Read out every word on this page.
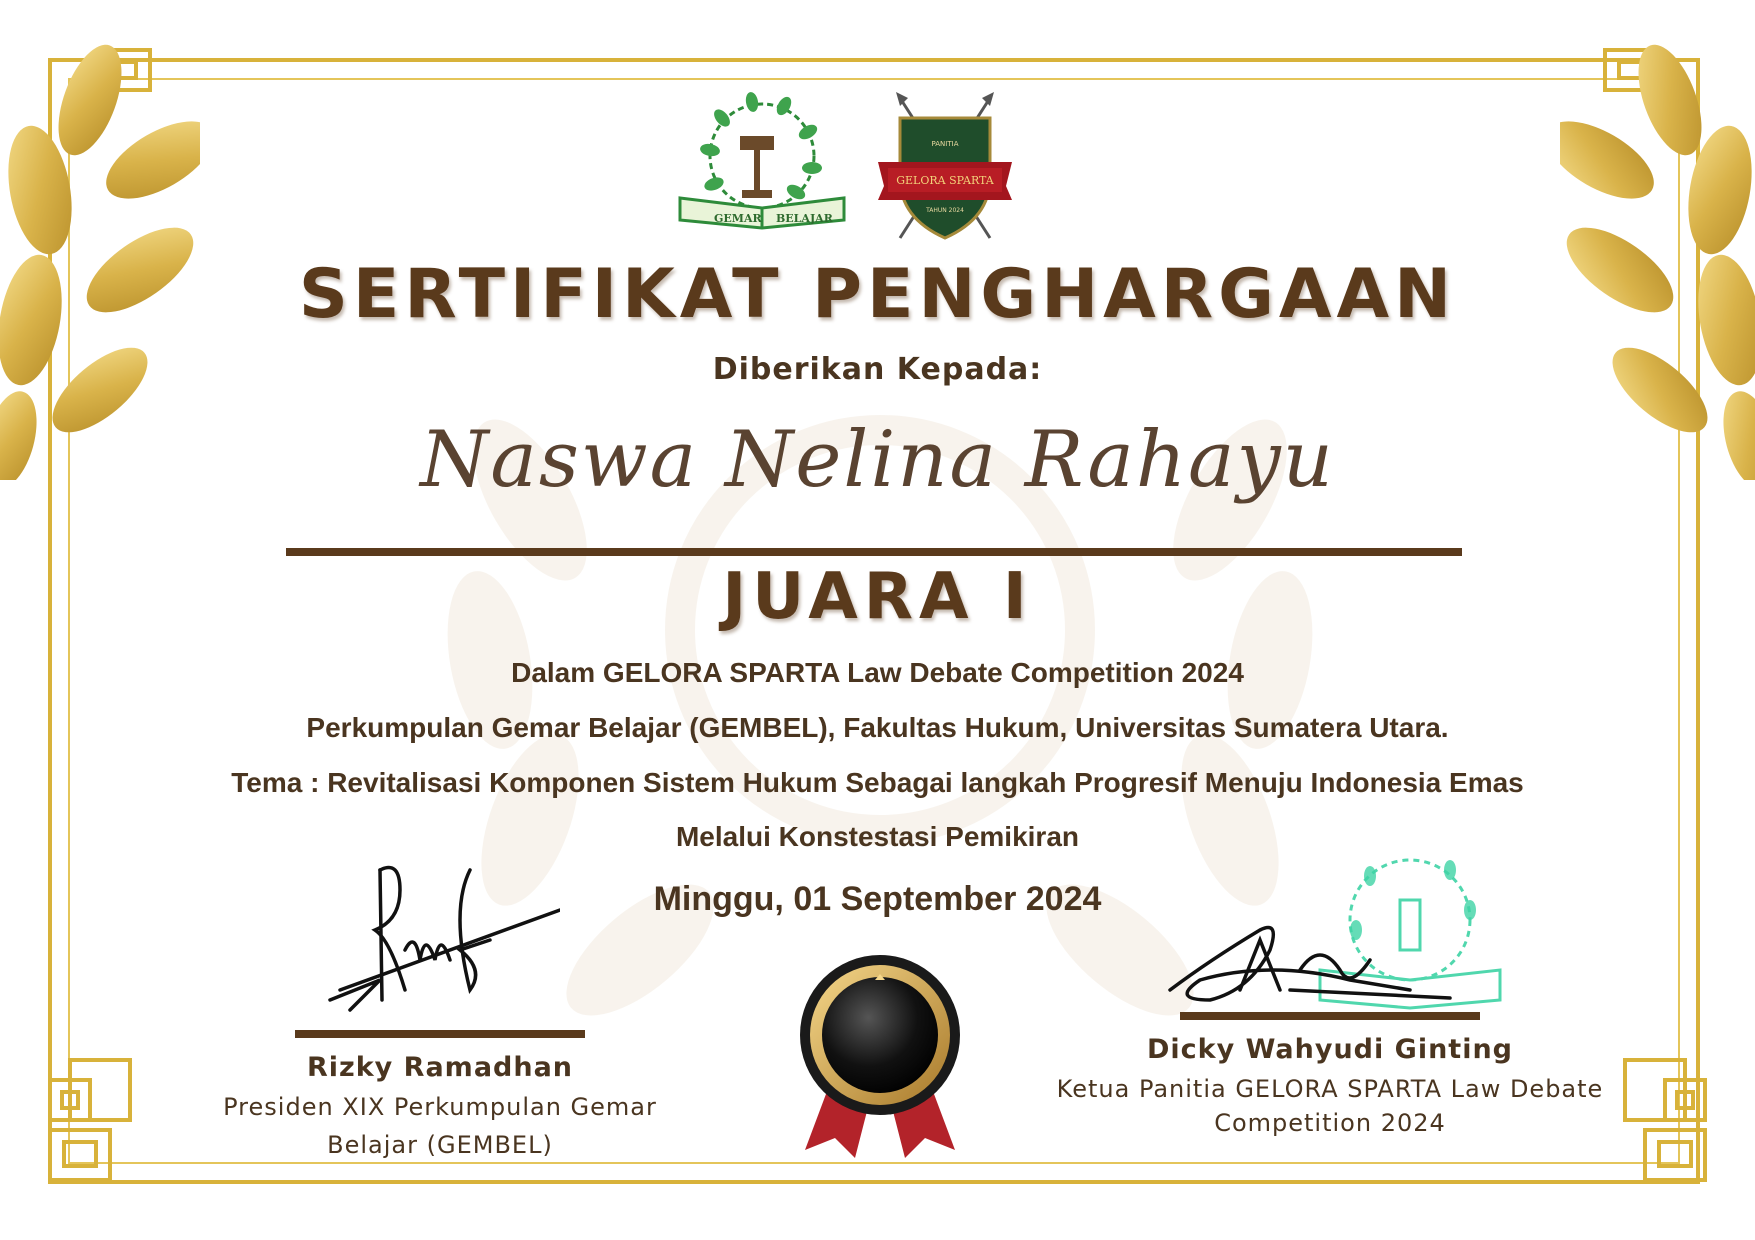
GEMAR BELAJAR
PANITIA
GELORA SPARTA
TAHUN 2024
SERTIFIKAT PENGHARGAAN
Diberikan Kepada:
Naswa Nelina Rahayu
JUARA I
Dalam GELORA SPARTA Law Debate Competition 2024
Perkumpulan Gemar Belajar (GEMBEL), Fakultas Hukum, Universitas Sumatera Utara.
Tema : Revitalisasi Komponen Sistem Hukum Sebagai langkah Progresif Menuju Indonesia Emas
Melalui Konstestasi Pemikiran
Minggu, 01 September 2024
Rizky Ramadhan
Presiden XIX Perkumpulan Gemar
Belajar (GEMBEL)
Dicky Wahyudi Ginting
Ketua Panitia GELORA SPARTA Law Debate
Competition 2024
